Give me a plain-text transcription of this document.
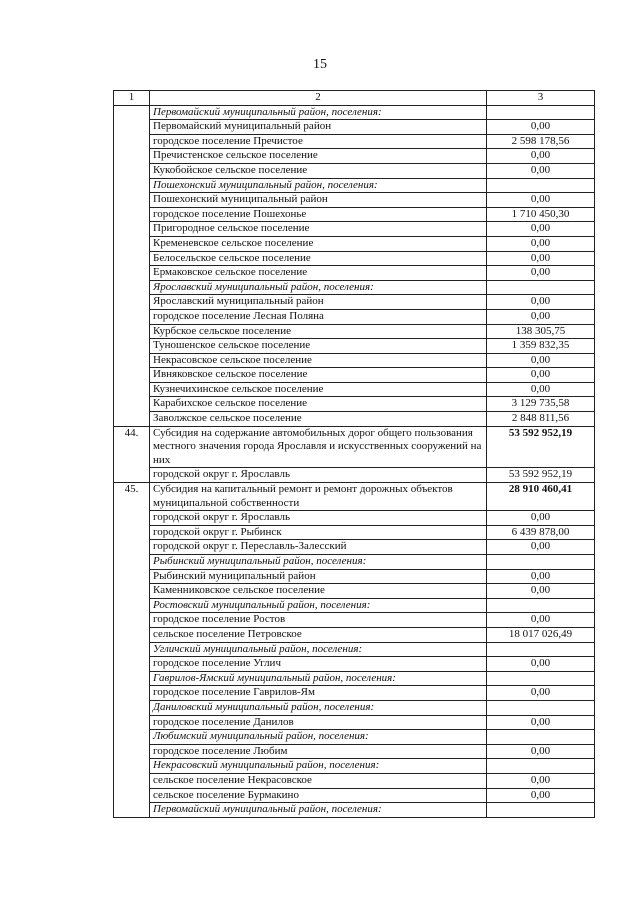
15
1	2	3
	Первомайский муниципальный район, поселения:	
	Первомайский муниципальный район	0,00
	городское поселение Пречистое	2 598 178,56
	Пречистенское сельское поселение	0,00
	Кукобойское сельское поселение	0,00
	Пошехонский муниципальный район, поселения:	
	Пошехонский муниципальный район	0,00
	городское поселение Пошехонье	1 710 450,30
	Пригородное сельское поселение	0,00
	Кременевское сельское поселение	0,00
	Белосельское сельское поселение	0,00
	Ермаковское сельское поселение	0,00
	Ярославский муниципальный район, поселения:	
	Ярославский муниципальный район	0,00
	городское поселение Лесная Поляна	0,00
	Курбское сельское поселение	138 305,75
	Туношенское сельское поселение	1 359 832,35
	Некрасовское сельское поселение	0,00
	Ивняковское сельское поселение	0,00
	Кузнечихинское сельское поселение	0,00
	Карабихское сельское поселение	3 129 735,58
	Заволжское сельское поселение	2 848 811,56
44.	Субсидия на содержание автомобильных дорог общего пользования местного значения города Ярославля и искусственных сооружений на них	53 592 952,19
	городской округ г. Ярославль	53 592 952,19
45.	Субсидия на капитальный ремонт и ремонт дорожных объектов муниципальной собственности	28 910 460,41
	городской округ г. Ярославль	0,00
	городской округ г. Рыбинск	6 439 878,00
	городской округ г. Переславль-Залесский	0,00
	Рыбинский муниципальный район, поселения:	
	Рыбинский муниципальный район	0,00
	Каменниковское сельское поселение	0,00
	Ростовский муниципальный район, поселения:	
	городское поселение Ростов	0,00
	сельское поселение Петровское	18 017 026,49
	Угличский муниципальный район, поселения:	
	городское поселение Углич	0,00
	Гаврилов-Ямский муниципальный район, поселения:	
	городское поселение Гаврилов-Ям	0,00
	Даниловский муниципальный район, поселения:	
	городское поселение Данилов	0,00
	Любимский муниципальный район, поселения:	
	городское поселение Любим	0,00
	Некрасовский муниципальный район, поселения:	
	сельское поселение Некрасовское	0,00
	сельское поселение Бурмакино	0,00
	Первомайский муниципальный район, поселения:	
